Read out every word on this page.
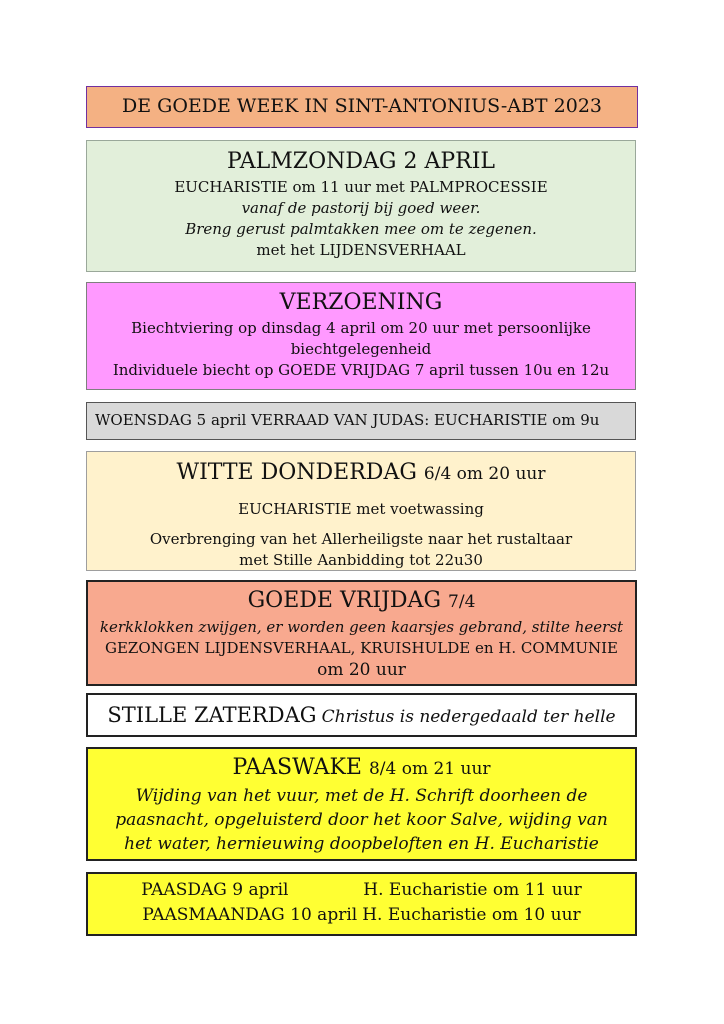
DE GOEDE WEEK IN SINT-ANTONIUS-ABT 2023
PALMZONDAG 2 APRIL
EUCHARISTIE om 11 uur met PALMPROCESSIE
vanaf de pastorij bij goed weer.
Breng gerust palmtakken mee om te zegenen.
met het LIJDENSVERHAAL
VERZOENING
Biechtviering op dinsdag 4 april om 20 uur met persoonlijke
biechtgelegenheid
Individuele biecht op GOEDE VRIJDAG 7 april tussen 10u en 12u
WOENSDAG 5 april VERRAAD VAN JUDAS: EUCHARISTIE om 9u
WITTE DONDERDAG 6/4 om 20 uur
EUCHARISTIE met voetwassing
Overbrenging van het Allerheiligste naar het rustaltaar
met Stille Aanbidding tot 22u30
GOEDE VRIJDAG 7/4
kerkklokken zwijgen, er worden geen kaarsjes gebrand, stilte heerst
GEZONGEN LIJDENSVERHAAL, KRUISHULDE en H. COMMUNIE
om 20 uur
STILLE ZATERDAG Christus is nedergedaald ter helle
PAASWAKE 8/4 om 21 uur
Wijding van het vuur, met de H. Schrift doorheen de
paasnacht, opgeluisterd door het koor Salve, wijding van
het water, hernieuwing doopbeloften en H. Eucharistie
PAASDAG 9 april	H. Eucharistie om 11 uur
PAASMAANDAG 10 april H. Eucharistie om 10 uur
